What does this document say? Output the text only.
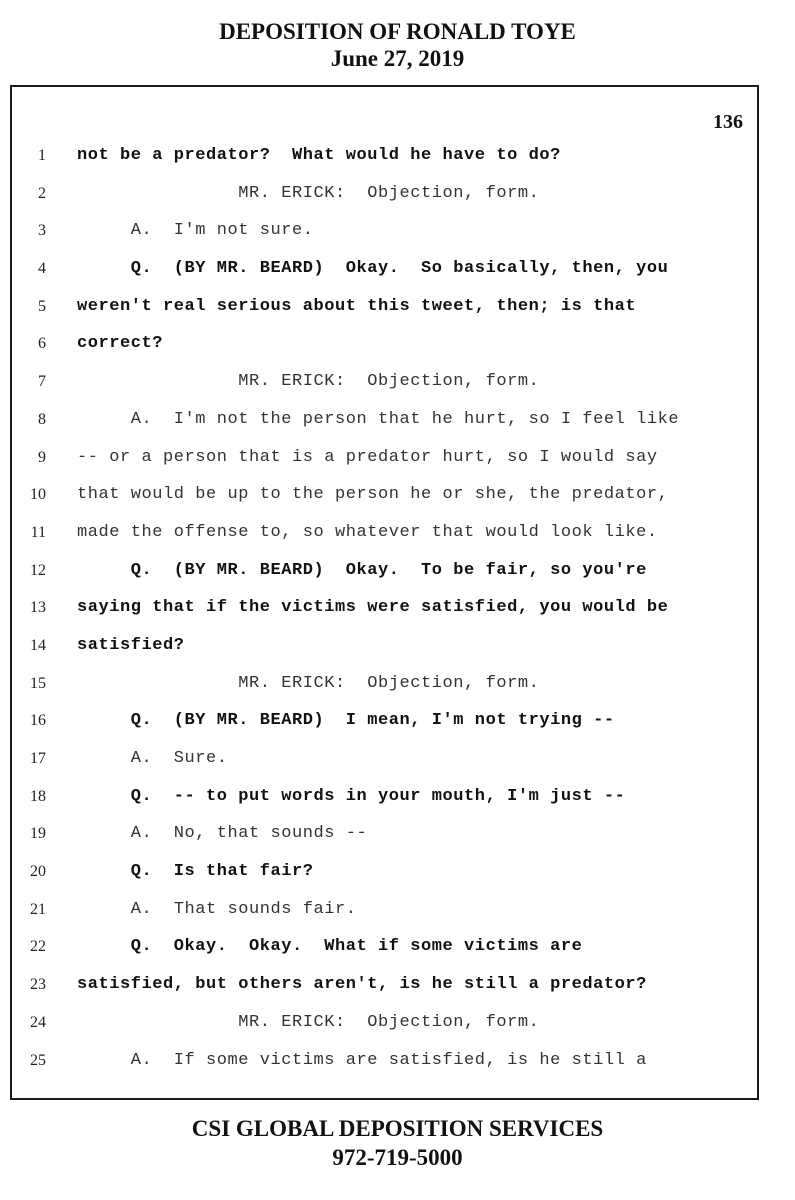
DEPOSITION OF RONALD TOYE
June 27, 2019
136
1 not be a predator?  What would he have to do?
2 MR. ERICK:  Objection, form.
3 A.  I'm not sure.
4 Q.  (BY MR. BEARD)  Okay.  So basically, then, you
5 weren't real serious about this tweet, then; is that
6 correct?
7 MR. ERICK:  Objection, form.
8 A.  I'm not the person that he hurt, so I feel like
9 -- or a person that is a predator hurt, so I would say
10 that would be up to the person he or she, the predator,
11 made the offense to, so whatever that would look like.
12 Q.  (BY MR. BEARD)  Okay.  To be fair, so you're
13 saying that if the victims were satisfied, you would be
14 satisfied?
15 MR. ERICK:  Objection, form.
16 Q.  (BY MR. BEARD)  I mean, I'm not trying --
17 A.  Sure.
18 Q.  -- to put words in your mouth, I'm just --
19 A.  No, that sounds --
20 Q.  Is that fair?
21 A.  That sounds fair.
22 Q.  Okay.  Okay.  What if some victims are
23 satisfied, but others aren't, is he still a predator?
24 MR. ERICK:  Objection, form.
25 A.  If some victims are satisfied, is he still a
CSI GLOBAL DEPOSITION SERVICES
972-719-5000
